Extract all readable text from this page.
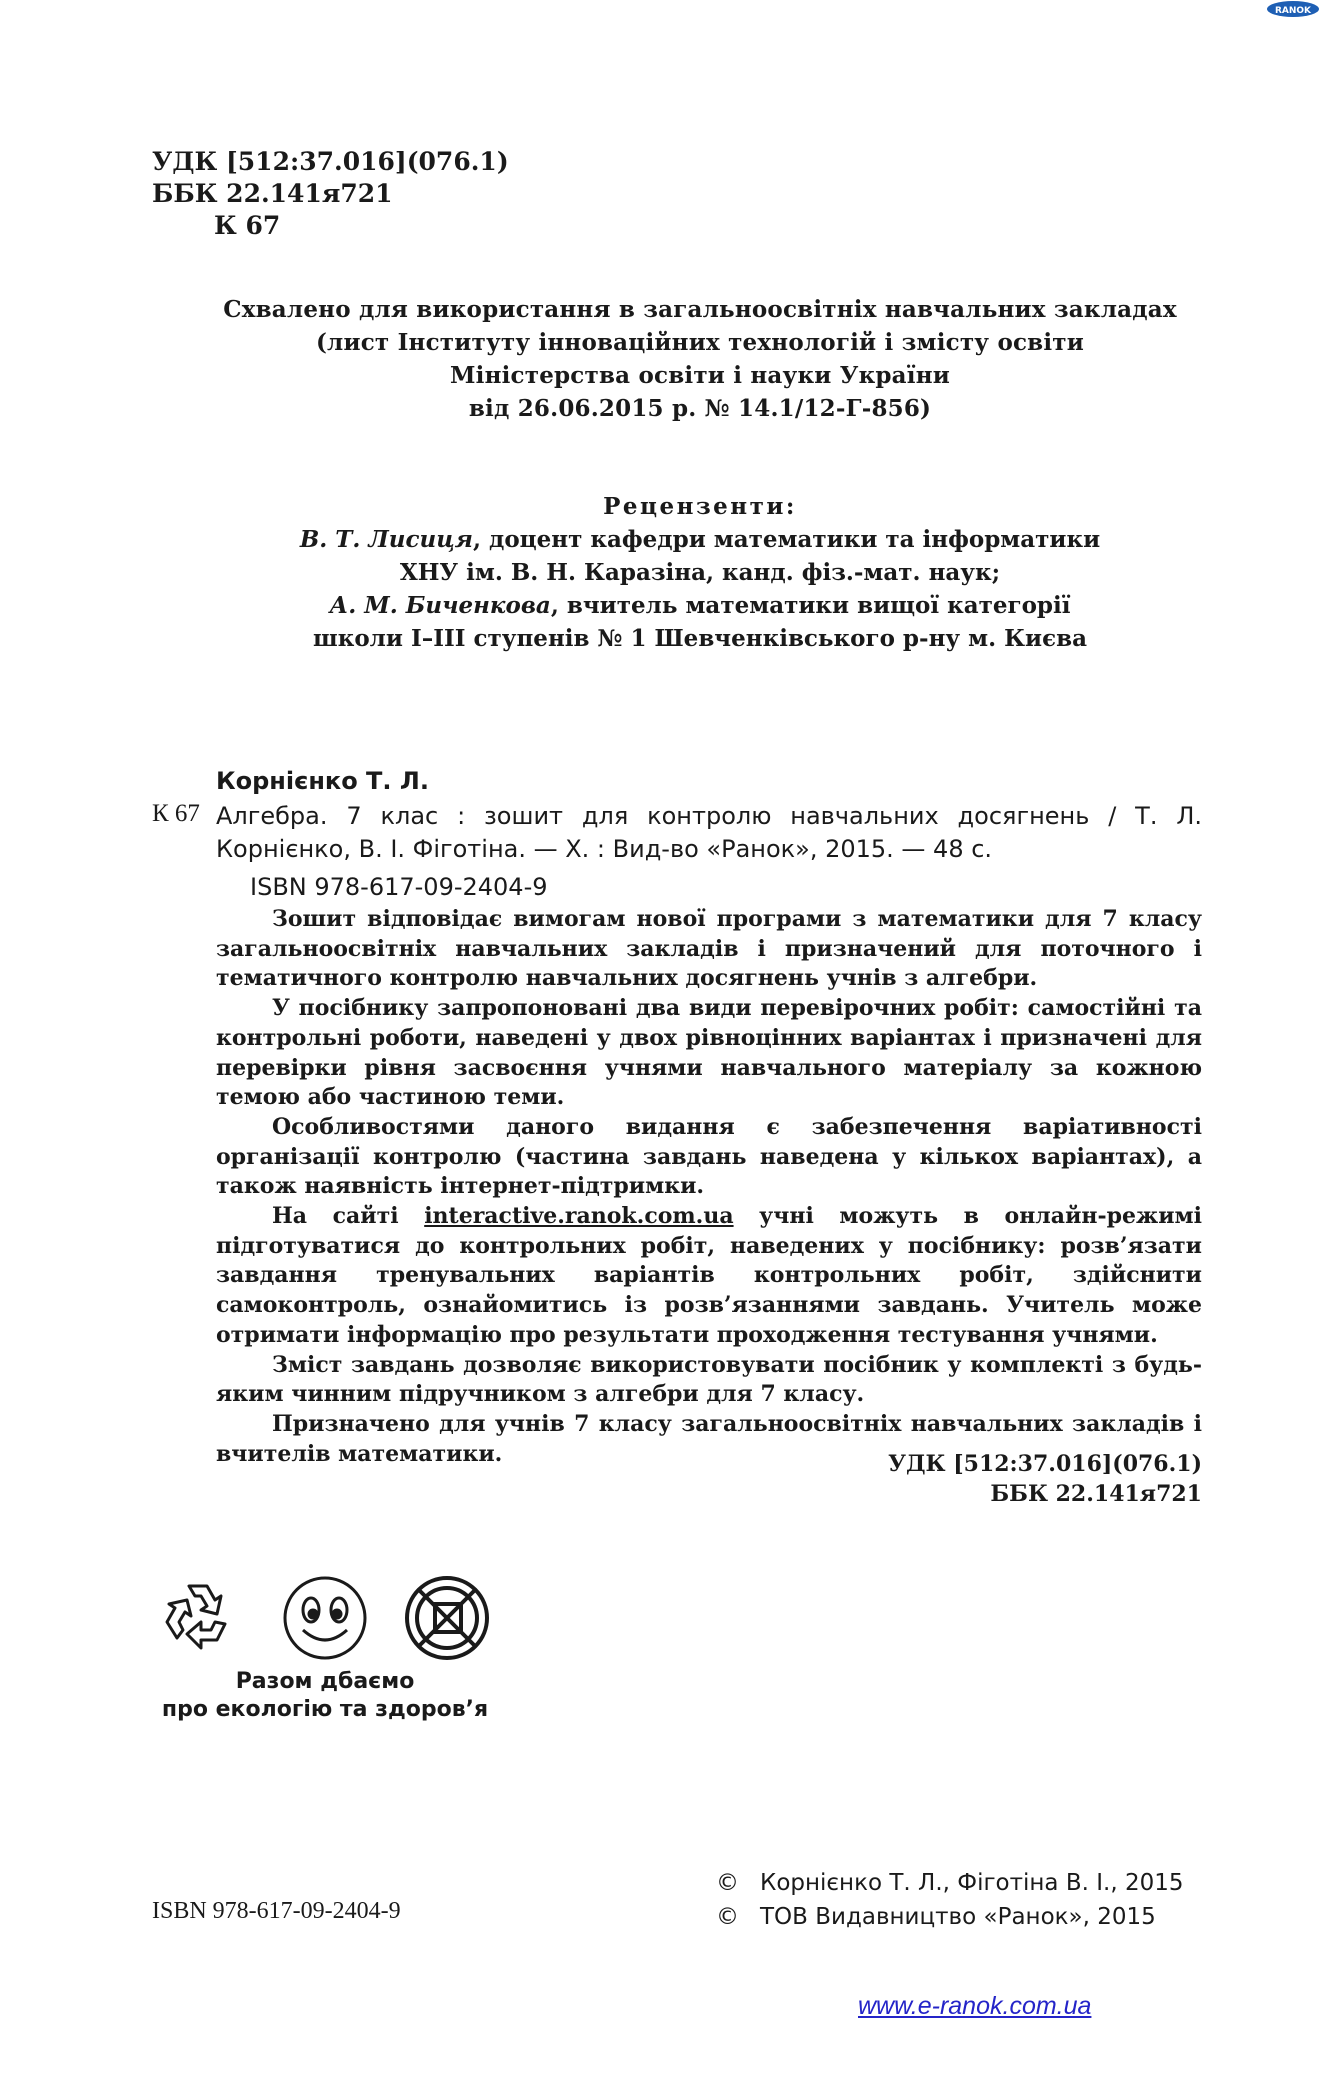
RANOK
УДК [512:37.016](076.1)
ББК 22.141я721
К 67
Схвалено для використання в загальноосвітніх навчальних закладах
(лист Інституту інноваційних технологій і змісту освіти
Міністерства освіти і науки України
від 26.06.2015 р. № 14.1/12-Г-856)
Рецензенти:
В. Т. Лисиця, доцент кафедри математики та інформатики
ХНУ ім. В. Н. Каразіна, канд. фіз.-мат. наук;
А. М. Биченкова, вчитель математики вищої категорії
школи І–ІІІ ступенів № 1 Шевченківського р-ну м. Києва
Корнієнко Т. Л.
К 67 Алгебра. 7 клас : зошит для контролю навчальних досягнень / Т. Л. Корнієнко, В. І. Фіготіна. — Х. : Вид-во «Ранок», 2015. — 48 с.
ISBN 978-617-09-2404-9

Зошит відповідає вимогам нової програми з математики для 7 класу загальноосвітніх навчальних закладів і призначений для поточного і тематичного контролю навчальних досягнень учнів з алгебри.

У посібнику запропоновані два види перевірочних робіт: самостійні та контрольні роботи, наведені у двох рівноцінних варіантах і призначені для перевірки рівня засвоєння учнями навчального матеріалу за кожною темою або частиною теми.

Особливостями даного видання є забезпечення варіативності організації контролю (частина завдань наведена у кількох варіантах), а також наявність інтернет-підтримки.

На сайті interactive.ranok.com.ua учні можуть в онлайн-режимі підготуватися до контрольних робіт, наведених у посібнику: розв’язати завдання тренувальних варіантів контрольних робіт, здійснити самоконтроль, ознайомитись із розв’язаннями завдань. Учитель може отримати інформацію про результати проходження тестування учнями.

Зміст завдань дозволяє використовувати посібник у комплекті з будь-яким чинним підручником з алгебри для 7 класу.

Призначено для учнів 7 класу загальноосвітніх навчальних закладів і вчителів математики.	УДК [512:37.016](076.1)
ББК 22.141я721
Разом дбаємо
про екологію та здоров’я
ISBN 978-617-09-2404-9
© Корнієнко Т. Л., Фіготіна В. І., 2015
© ТОВ Видавництво «Ранок», 2015
www.e-ranok.com.ua
